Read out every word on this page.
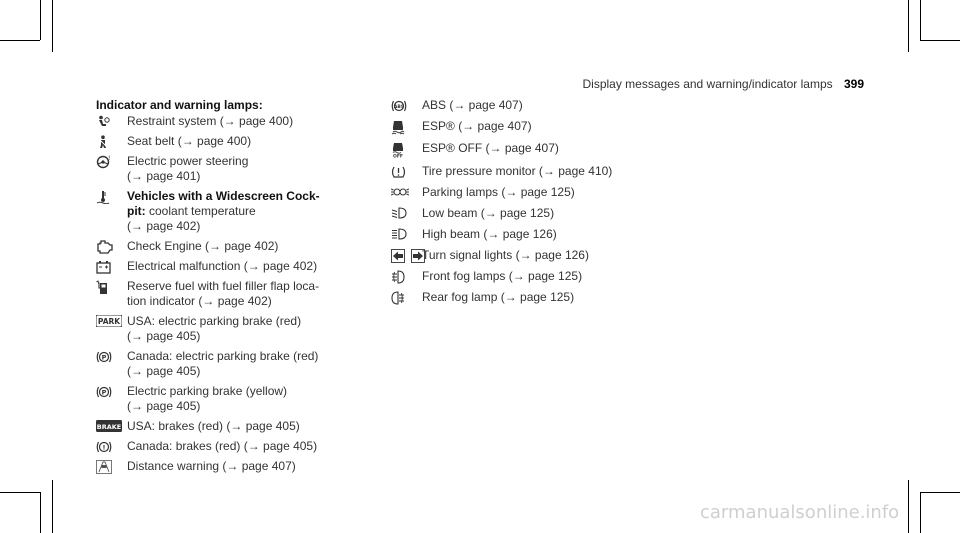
Display messages and warning/indicator lamps 399
Indicator and warning lamps:
Restraint system (→ page 400)
Seat belt (→ page 400)
! Electric power steering
(→ page 401)
Vehicles with a Widescreen Cock-
pit: coolant temperature
(→ page 402)
Check Engine (→ page 402)
Electrical malfunction (→ page 402)
Reserve fuel with fuel filler flap loca-
tion indicator (→ page 402)
PARK USA: electric parking brake (red)
(→ page 405)
P Canada: electric parking brake (red)
(→ page 405)
P Electric parking brake (yellow)
(→ page 405)
BRAKE USA: brakes (red) (→ page 405)
! Canada: brakes (red) (→ page 405)
Distance warning (→ page 407)
ABS ABS (→ page 407)
ESP® (→ page 407)
OFF
ESP® OFF (→ page 407)
Tire pressure monitor (→ page 410)
Parking lamps (→ page 125)
Low beam (→ page 125)
High beam (→ page 126)
Turn signal lights (→ page 126)
Front fog lamps (→ page 125)
Rear fog lamp (→ page 125)
carmanualsonline.info
